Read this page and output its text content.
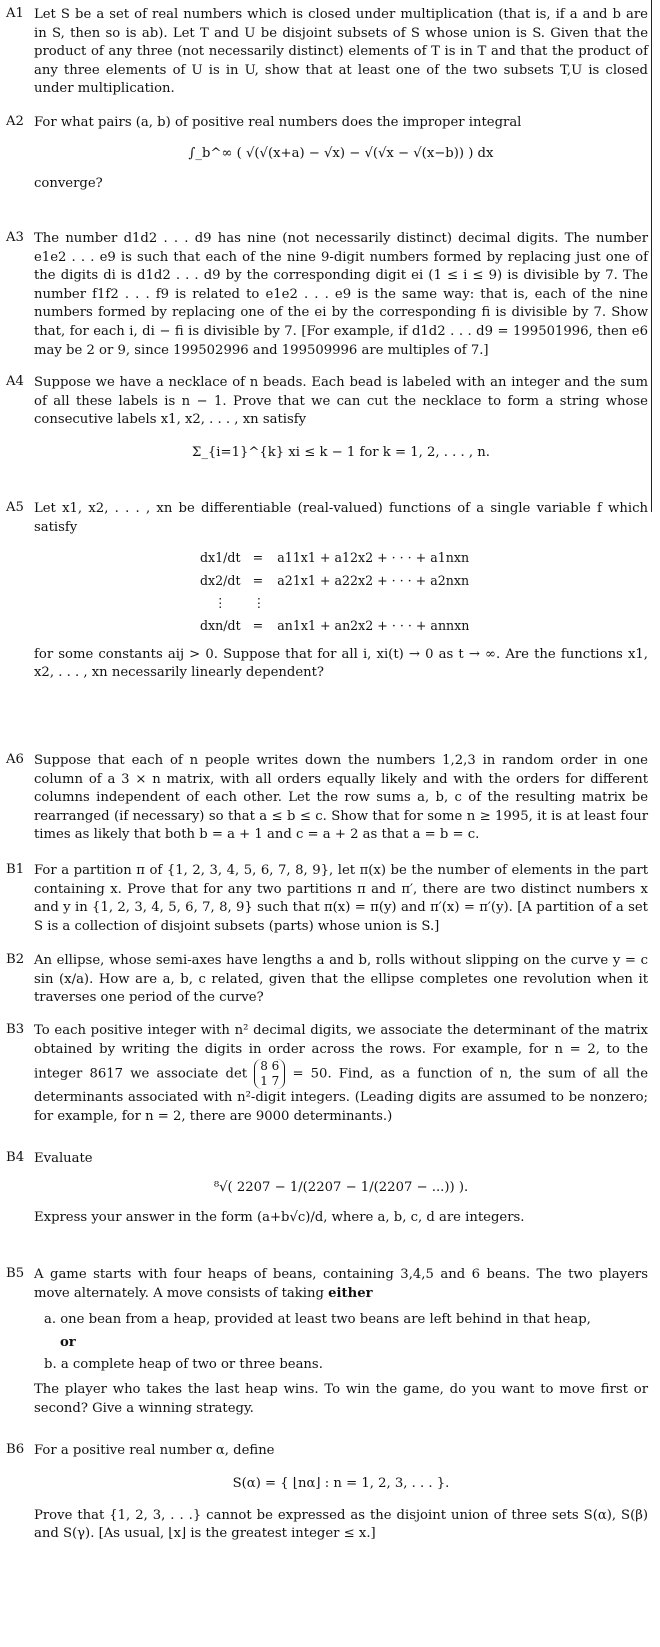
A1 Let S be a set of real numbers which is closed under multiplication (that is, if a and b are in S, then so is ab). Let T and U be disjoint subsets of S whose union is S. Given that the product of any three (not necessarily distinct) elements of T is in T and that the product of any three elements of U is in U, show that at least one of the two subsets T,U is closed under multiplication.

A2 For what pairs (a, b) of positive real numbers does the improper integral

∫_b^∞ ( √(√(x+a) − √x) − √(√x − √(x−b)) ) dx

converge?

A3 The number d1d2 . . . d9 has nine (not necessarily distinct) decimal digits. The number e1e2 . . . e9 is such that each of the nine 9-digit numbers formed by replacing just one of the digits di is d1d2 . . . d9 by the corresponding digit ei (1 ≤ i ≤ 9) is divisible by 7. The number f1f2 . . . f9 is related to e1e2 . . . e9 is the same way: that is, each of the nine numbers formed by replacing one of the ei by the corresponding fi is divisible by 7. Show that, for each i, di − fi is divisible by 7. [For example, if d1d2 . . . d9 = 199501996, then e6 may be 2 or 9, since 199502996 and 199509996 are multiples of 7.]

A4 Suppose we have a necklace of n beads. Each bead is labeled with an integer and the sum of all these labels is n − 1. Prove that we can cut the necklace to form a string whose consecutive labels x1, x2, . . . , xn satisfy

Σ_{i=1}^{k} xi ≤ k − 1 for k = 1, 2, . . . , n.
A5 Let x1, x2, . . . , xn be differentiable (real-valued) functions of a single variable f which satisfy

dx1/dt	=	a11x1 + a12x2 + · · · + a1nxn
dx2/dt	=	a21x1 + a22x2 + · · · + a2nxn
⋮	⋮	
dxn/dt	=	an1x1 + an2x2 + · · · + annxn

for some constants aij > 0. Suppose that for all i, xi(t) → 0 as t → ∞. Are the functions x1, x2, . . . , xn necessarily linearly dependent?

A6 Suppose that each of n people writes down the numbers 1,2,3 in random order in one column of a 3 × n matrix, with all orders equally likely and with the orders for different columns independent of each other. Let the row sums a, b, c of the resulting matrix be rearranged (if necessary) so that a ≤ b ≤ c. Show that for some n ≥ 1995, it is at least four times as likely that both b = a + 1 and c = a + 2 as that a = b = c.

B1 For a partition π of {1, 2, 3, 4, 5, 6, 7, 8, 9}, let π(x) be the number of elements in the part containing x. Prove that for any two partitions π and π′, there are two distinct numbers x and y in {1, 2, 3, 4, 5, 6, 7, 8, 9} such that π(x) = π(y) and π′(x) = π′(y). [A partition of a set S is a collection of disjoint subsets (parts) whose union is S.]

B2 An ellipse, whose semi-axes have lengths a and b, rolls without slipping on the curve y = c sin (x/a). How are a, b, c related, given that the ellipse completes one revolution when it traverses one period of the curve?

B3 To each positive integer with n² decimal digits, we associate the determinant of the matrix obtained by writing the digits in order across the rows. For example, for n = 2, to the integer 8617 we associate det
8 6
1 7 = 50. Find, as a function of n, the sum of all the determinants associated with n²-digit integers. (Leading digits are assumed to be nonzero; for example, for n = 2, there are 9000 determinants.)

B4 Evaluate

⁸√( 2207 − 1/(2207 − 1/(2207 − ...)) ).

Express your answer in the form (a+b√c)/d, where a, b, c, d are integers.

B5 A game starts with four heaps of beans, containing 3,4,5 and 6 beans. The two players move alternately. A move consists of taking either

a. one bean from a heap, provided at least two beans are left behind in that heap,
or
b. a complete heap of two or three beans.

The player who takes the last heap wins. To win the game, do you want to move first or second? Give a winning strategy.

B6 For a positive real number α, define

S(α) = { ⌊nα⌋ : n = 1, 2, 3, . . . }.

Prove that {1, 2, 3, . . .} cannot be expressed as the disjoint union of three sets S(α), S(β) and S(γ). [As usual, ⌊x⌋ is the greatest integer ≤ x.]
